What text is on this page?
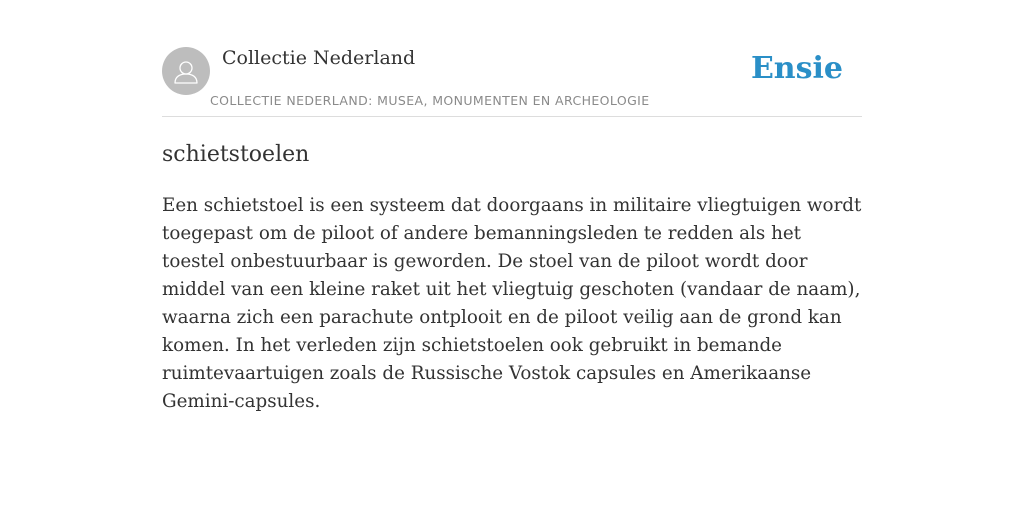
Collectie Nederland
COLLECTIE NEDERLAND: MUSEA, MONUMENTEN EN ARCHEOLOGIE
Ensie
schietstoelen

Een schietstoel is een systeem dat doorgaans in militaire vliegtuigen wordt toegepast om de piloot of andere bemanningsleden te redden als het toestel onbestuurbaar is geworden. De stoel van de piloot wordt door middel van een kleine raket uit het vliegtuig geschoten (vandaar de naam), waarna zich een parachute ontplooit en de piloot veilig aan de grond kan komen. In het verleden zijn schietstoelen ook gebruikt in bemande ruimtevaartuigen zoals de Russische Vostok capsules en Amerikaanse Gemini-capsules.
